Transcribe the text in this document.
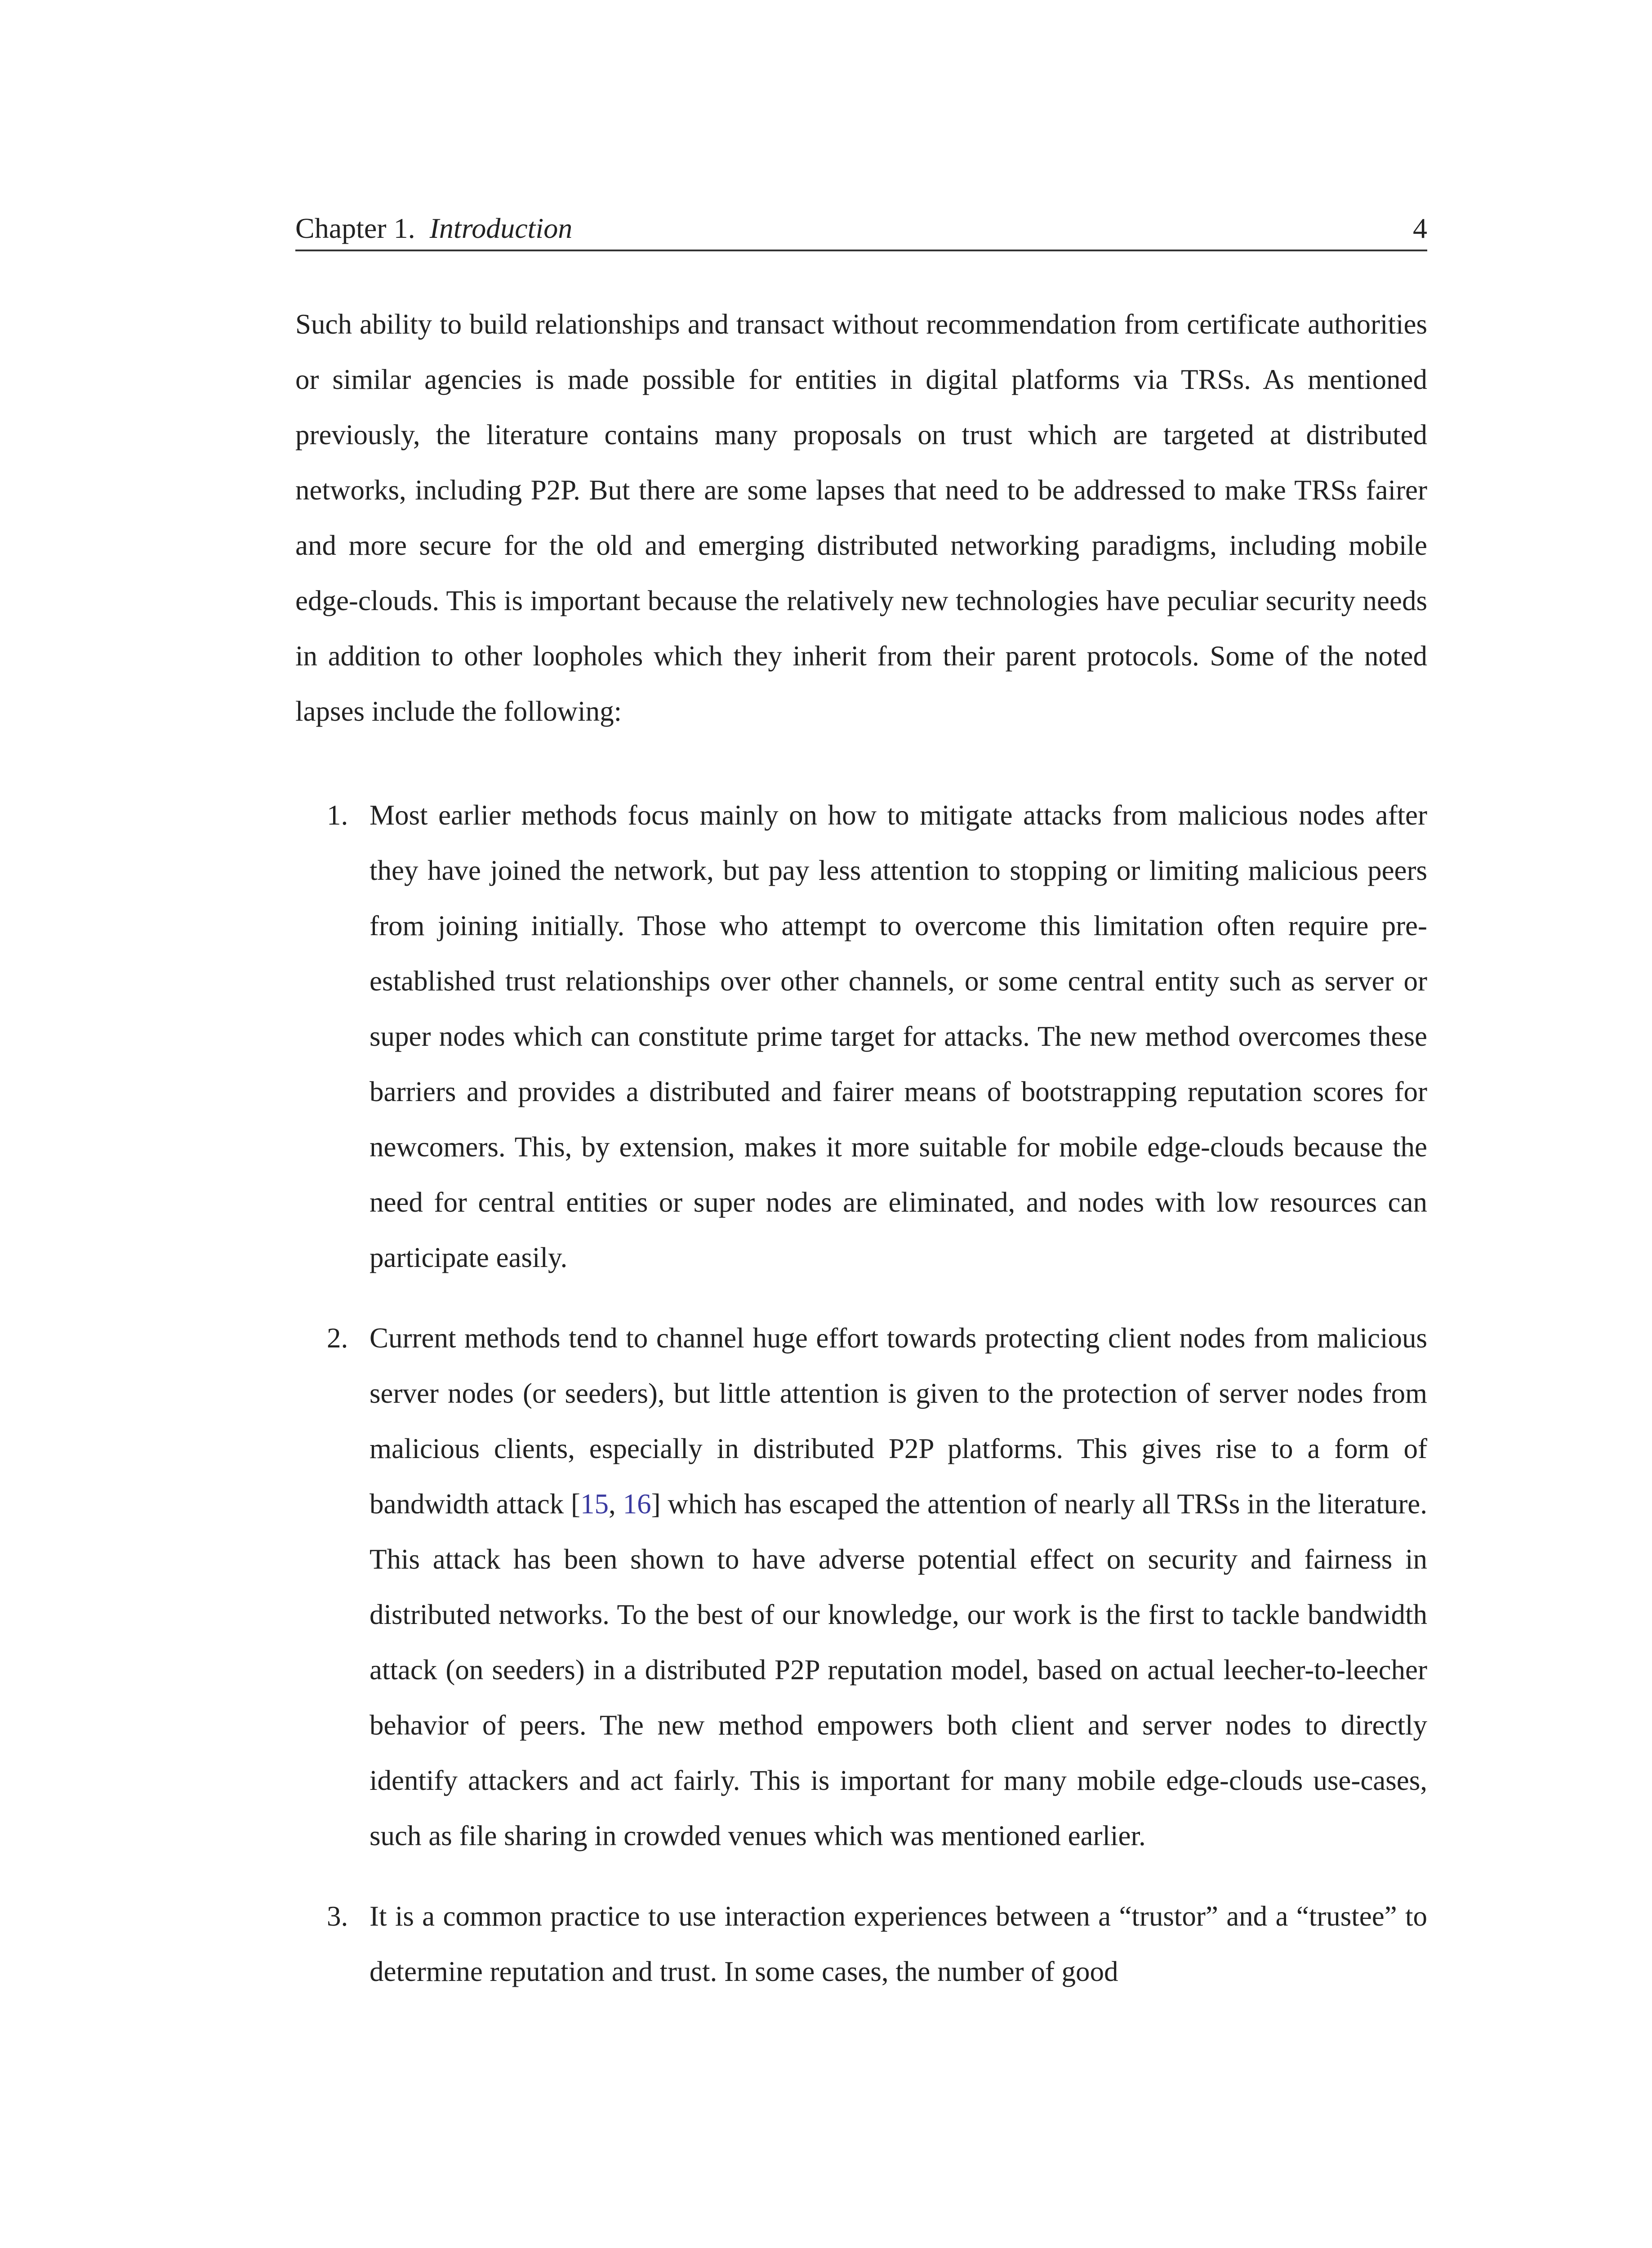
Chapter 1. Introduction	4

Such ability to build relationships and transact without recommendation from certificate authorities or similar agencies is made possible for entities in digital platforms via TRSs. As mentioned previously, the literature contains many proposals on trust which are targeted at distributed networks, including P2P. But there are some lapses that need to be addressed to make TRSs fairer and more secure for the old and emerging distributed networking paradigms, including mobile edge-clouds. This is important because the relatively new technologies have peculiar security needs in addition to other loopholes which they inherit from their parent protocols. Some of the noted lapses include the following:

1. Most earlier methods focus mainly on how to mitigate attacks from malicious nodes after they have joined the network, but pay less attention to stopping or limiting malicious peers from joining initially. Those who attempt to overcome this limitation often require pre-established trust relationships over other channels, or some central entity such as server or super nodes which can constitute prime target for attacks. The new method overcomes these barriers and provides a distributed and fairer means of bootstrapping reputation scores for newcomers. This, by extension, makes it more suitable for mobile edge-clouds because the need for central entities or super nodes are eliminated, and nodes with low resources can participate easily.
2. Current methods tend to channel huge effort towards protecting client nodes from malicious server nodes (or seeders), but little attention is given to the protection of server nodes from malicious clients, especially in distributed P2P platforms. This gives rise to a form of bandwidth attack [15, 16] which has escaped the attention of nearly all TRSs in the literature. This attack has been shown to have adverse potential effect on security and fairness in distributed networks. To the best of our knowledge, our work is the first to tackle bandwidth attack (on seeders) in a distributed P2P reputation model, based on actual leecher-to-leecher behavior of peers. The new method empowers both client and server nodes to directly identify attackers and act fairly. This is important for many mobile edge-clouds use-cases, such as file sharing in crowded venues which was mentioned earlier.
3. It is a common practice to use interaction experiences between a “trustor” and a “trustee” to determine reputation and trust. In some cases, the number of good
